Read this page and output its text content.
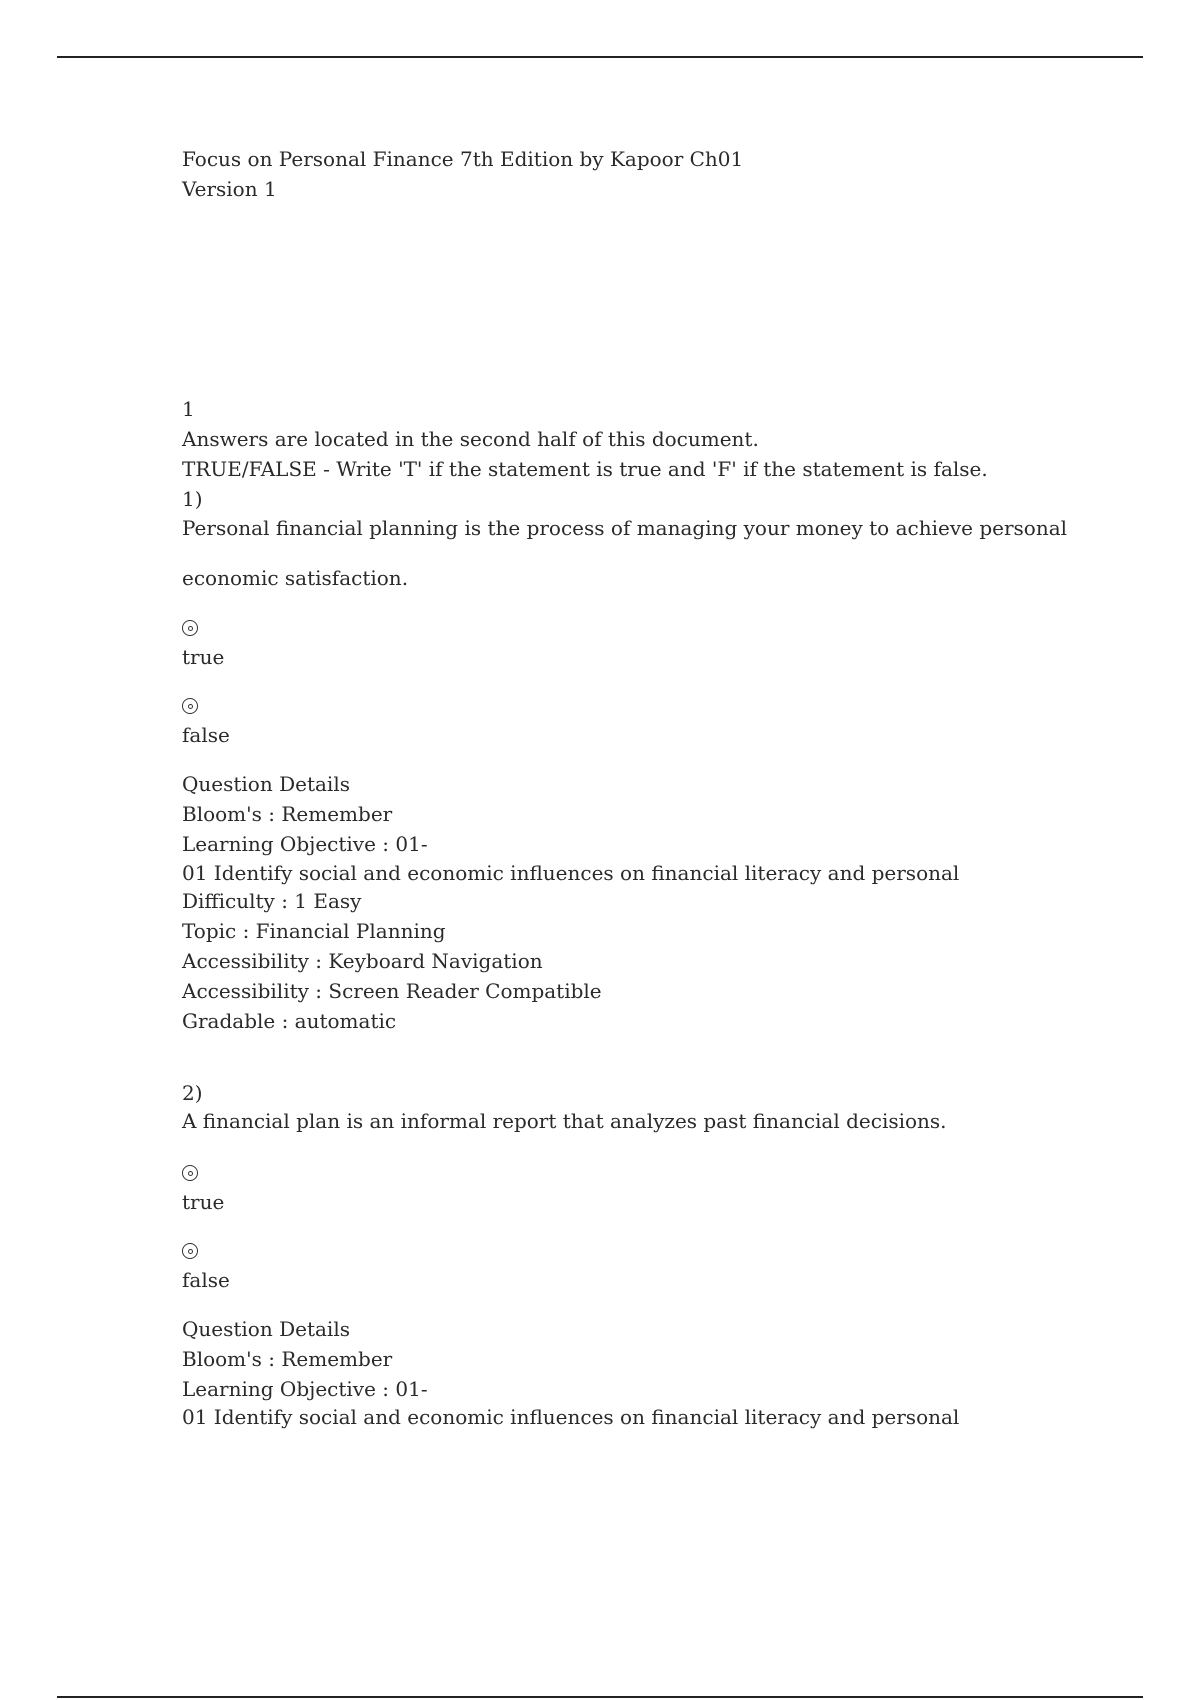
Focus on Personal Finance 7th Edition by Kapoor Ch01
Version 1
1
Answers are located in the second half of this document.
TRUE/FALSE - Write 'T' if the statement is true and 'F' if the statement is false.
1)
Personal financial planning is the process of managing your money to achieve personal
economic satisfaction.
true
false
Question Details
Bloom's : Remember
Learning Objective : 01-
01 Identify social and economic influences on financial literacy and personal
Difficulty : 1 Easy
Topic : Financial Planning
Accessibility : Keyboard Navigation
Accessibility : Screen Reader Compatible
Gradable : automatic
2)
A financial plan is an informal report that analyzes past financial decisions.
true
false
Question Details
Bloom's : Remember
Learning Objective : 01-
01 Identify social and economic influences on financial literacy and personal
